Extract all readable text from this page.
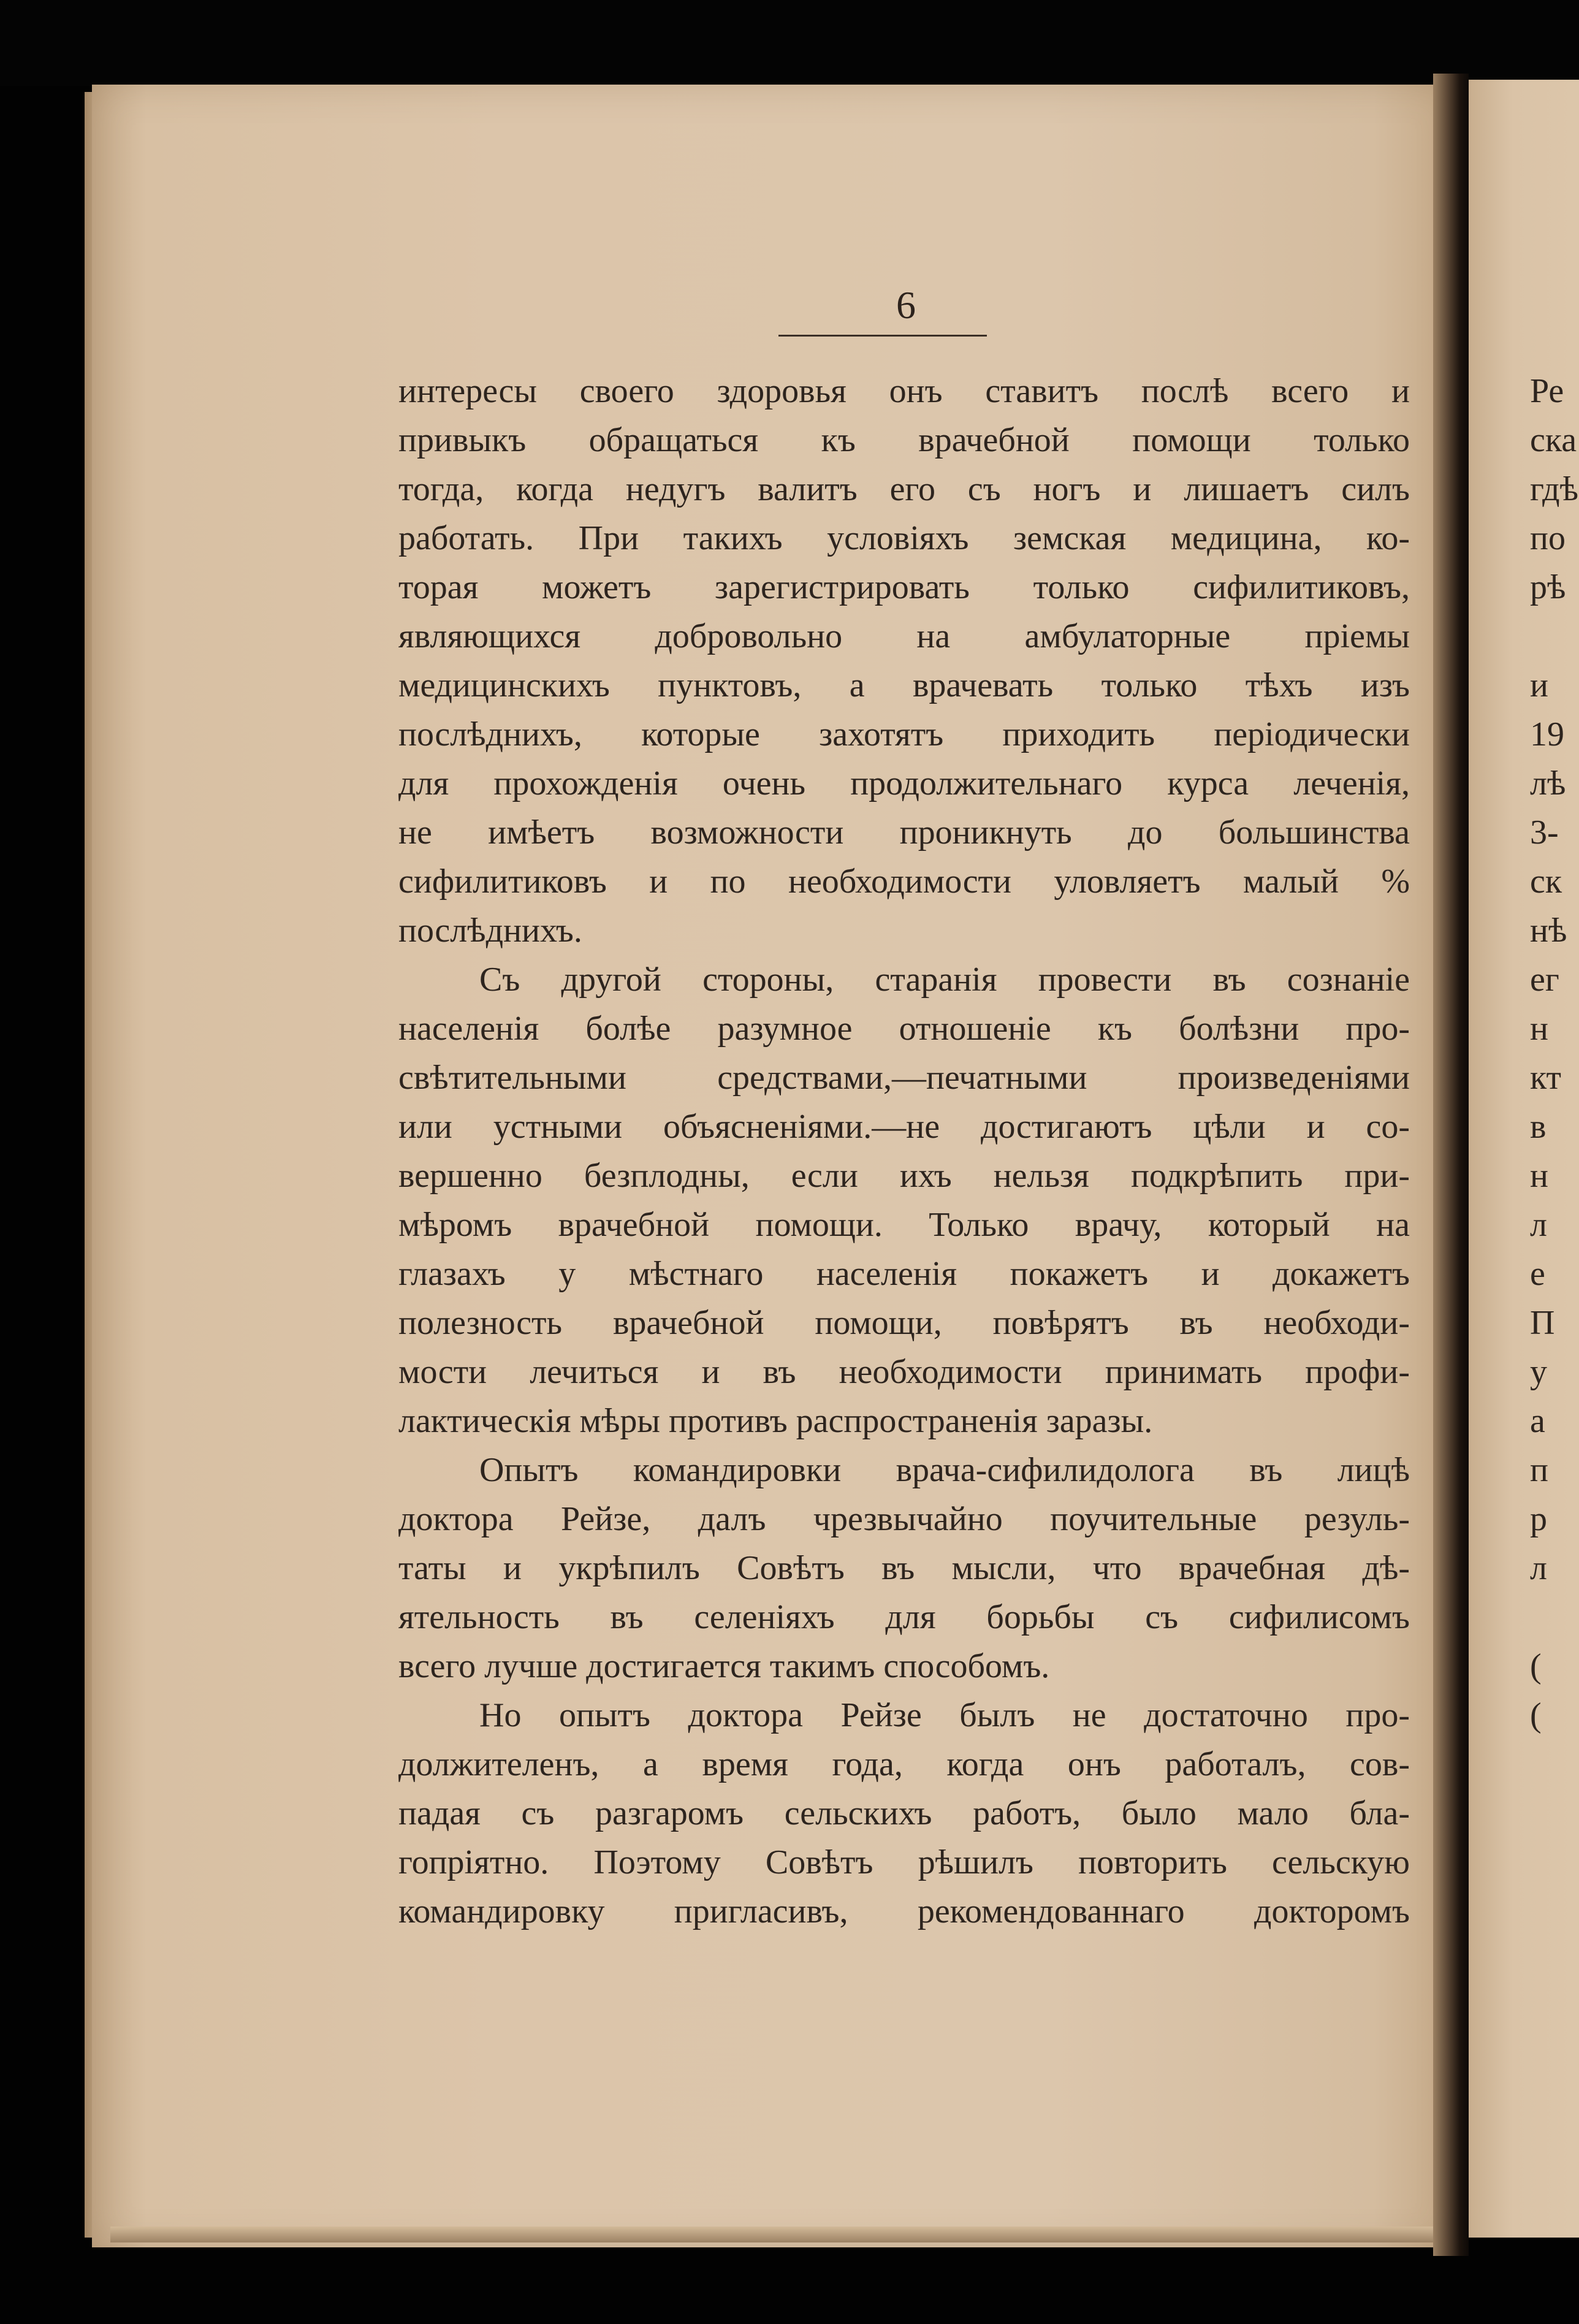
6
интересы своего здоровья онъ ставитъ послѣ всего и
привыкъ обращаться къ врачебной помощи только
тогда, когда недугъ валитъ его съ ногъ и лишаетъ силъ
работать. При такихъ условіяхъ земская медицина, ко-
торая можетъ зарегистрировать только сифилитиковъ,
являющихся добровольно на амбулаторные пріемы
медицинскихъ пунктовъ, а врачевать только тѣхъ изъ
послѣднихъ, которые захотятъ приходить періодически
для прохожденія очень продолжительнаго курса леченія,
не имѣетъ возможности проникнуть до большинства
сифилитиковъ и по необходимости уловляетъ малый %
послѣднихъ.
Съ другой стороны, старанія провести въ сознаніе
населенія болѣе разумное отношеніе къ болѣзни про-
свѣтительными средствами,—печатными произведеніями
или устными объясненіями.—не достигаютъ цѣли и со-
вершенно безплодны, если ихъ нельзя подкрѣпить при-
мѣромъ врачебной помощи. Только врачу, который на
глазахъ у мѣстнаго населенія покажетъ и докажетъ
полезность врачебной помощи, повѣрятъ въ необходи-
мости лечиться и въ необходимости принимать профи-
лактическія мѣры противъ распространенія заразы.
Опытъ командировки врача-сифилидолога въ лицѣ
доктора Рейзе, далъ чрезвычайно поучительные резуль-
таты и укрѣпилъ Совѣтъ въ мысли, что врачебная дѣ-
ятельность въ селеніяхъ для борьбы съ сифилисомъ
всего лучше достигается такимъ способомъ.
Но опытъ доктора Рейзе былъ не достаточно про-
должителенъ, а время года, когда онъ работалъ, сов-
падая съ разгаромъ сельскихъ работъ, было мало бла-
гопріятно. Поэтому Совѣтъ рѣшилъ повторить сельскую
командировку пригласивъ, рекомендованнаго докторомъ
Ре
ска
гдѣ
по
рѣ
и
19
лѣ
3-
ск
нѣ
ег
н
кт
в
н
л
е
П
у
а
п
р
л
(
(
